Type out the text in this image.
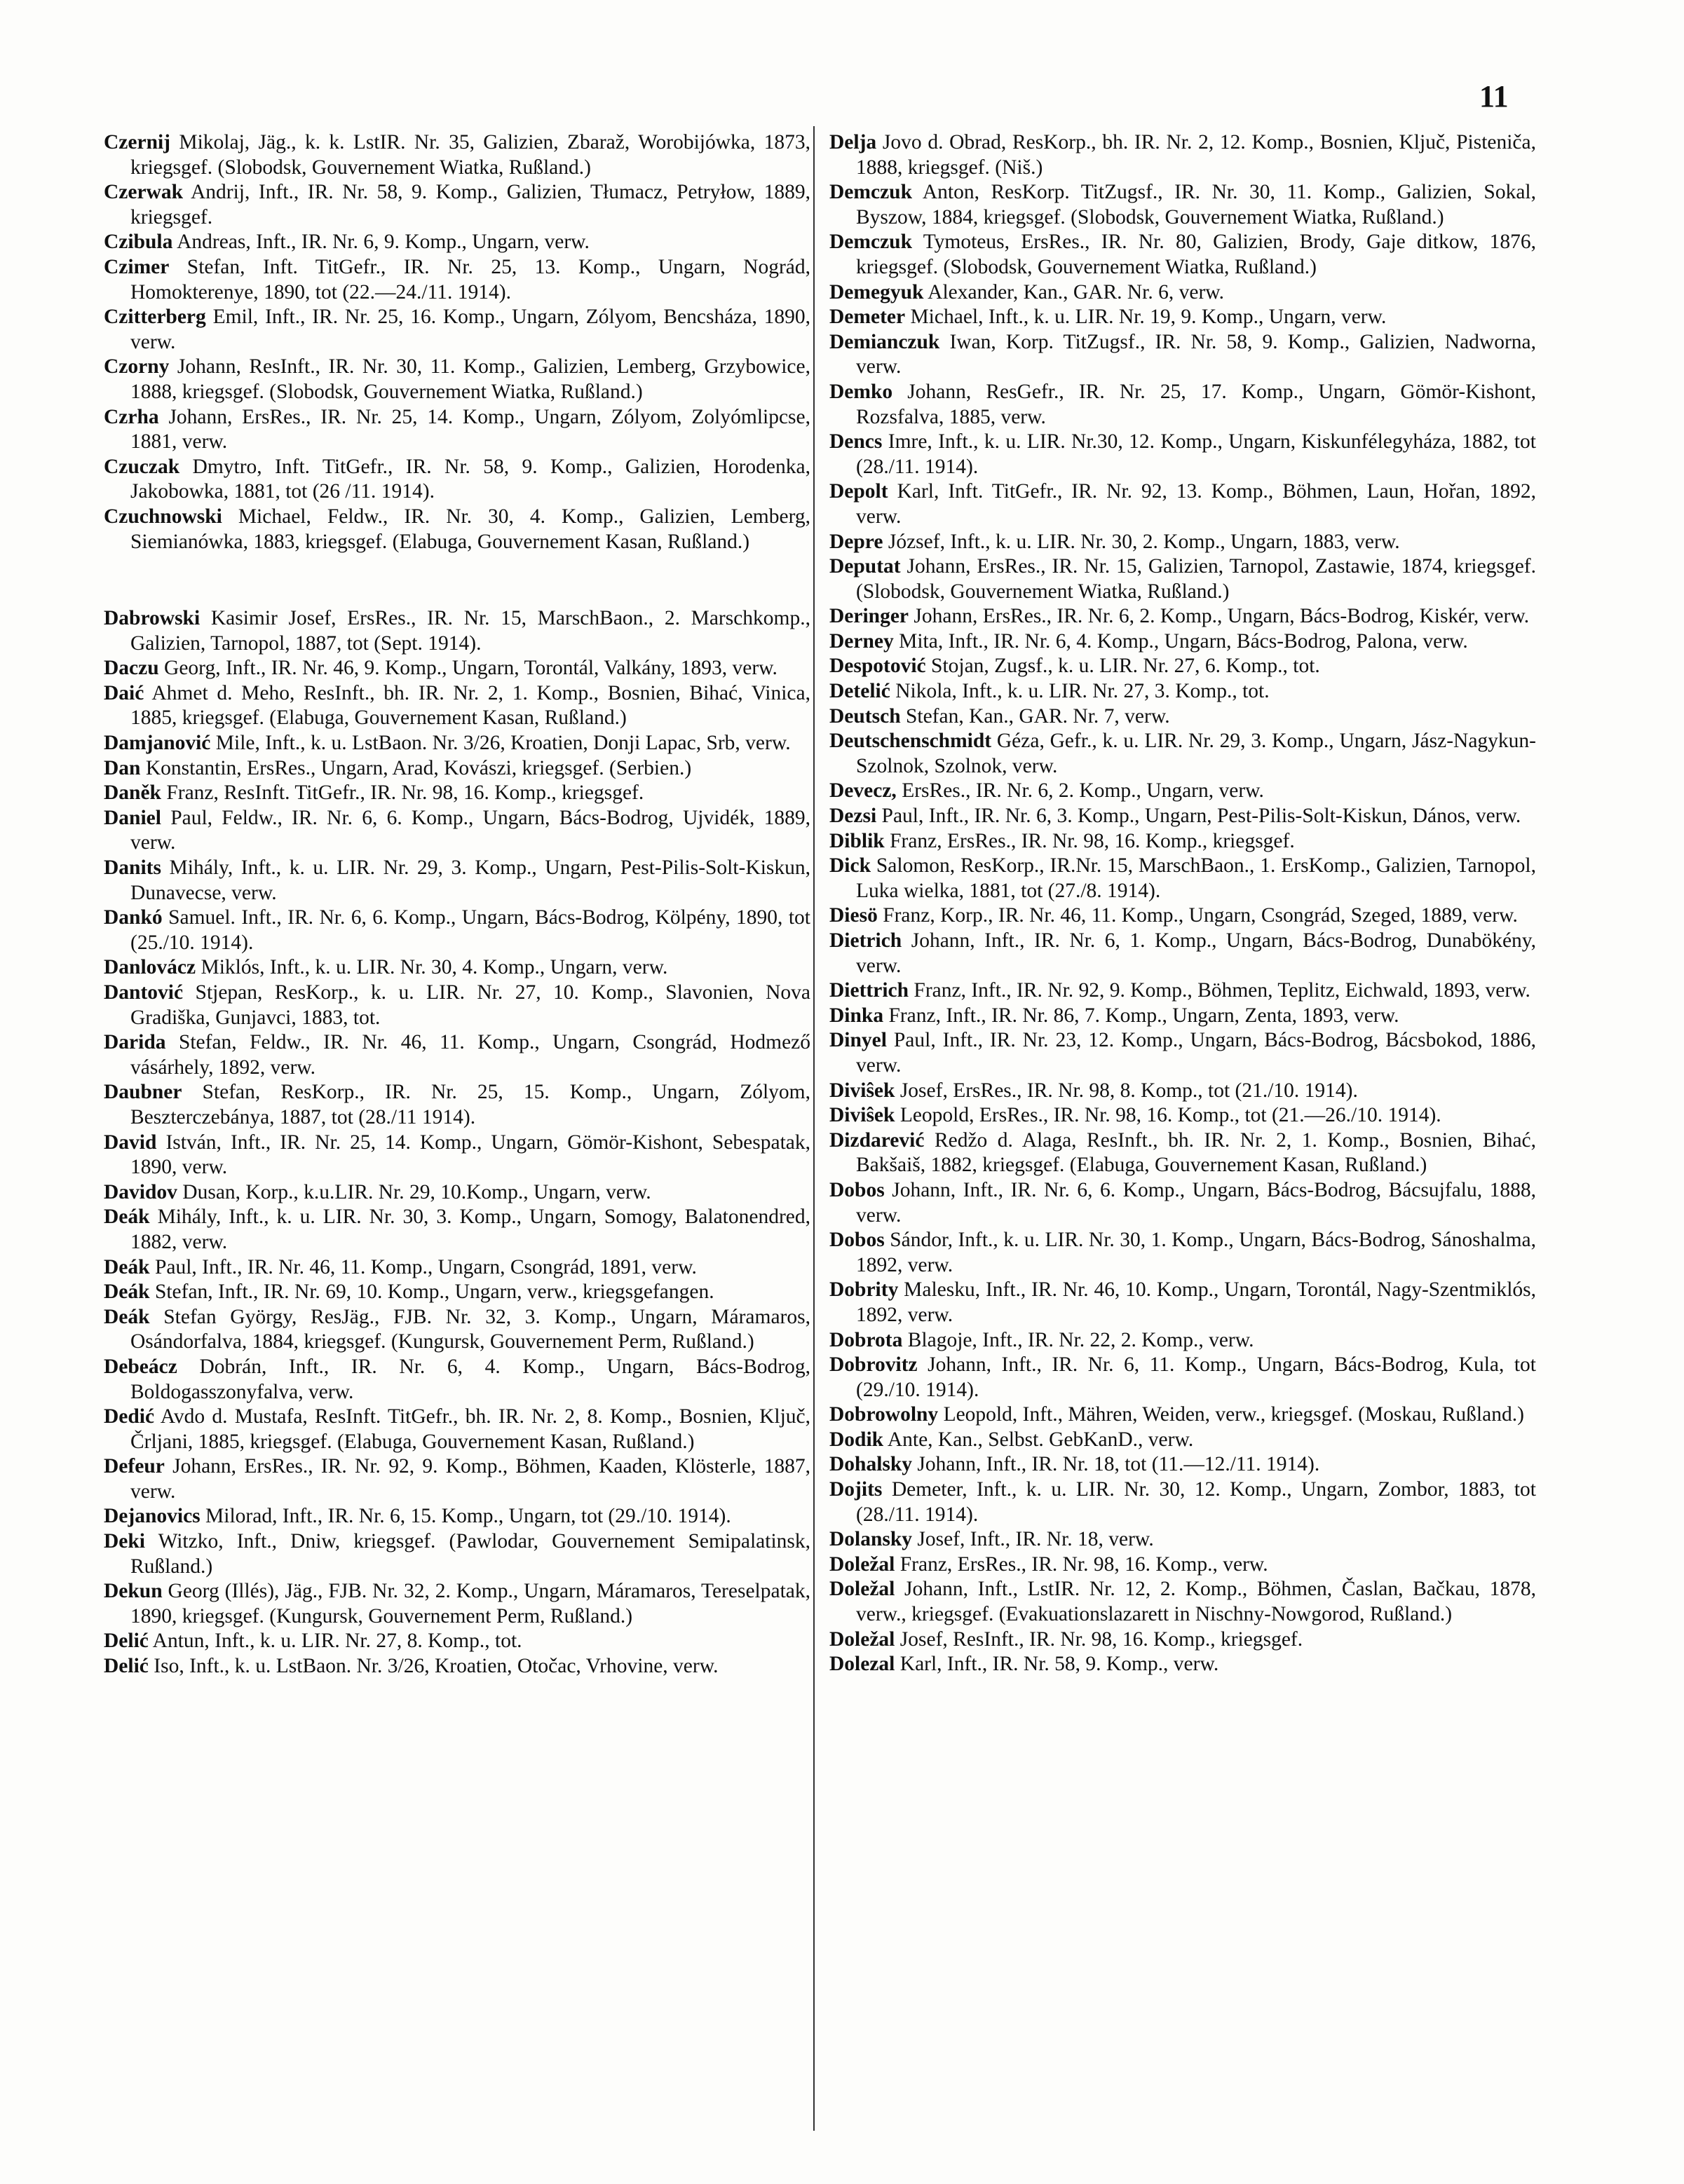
11

Czernij Mikolaj, Jäg., k. k. LstIR. Nr. 35, Galizien, Zbaraž, Worobijówka, 1873, kriegsgef. (Slobodsk, Gouvernement Wiatka, Rußland.)

Czerwak Andrij, Inft., IR. Nr. 58, 9. Komp., Galizien, Tłumacz, Petryłow, 1889, kriegsgef.

Czibula Andreas, Inft., IR. Nr. 6, 9. Komp., Ungarn, verw.

Czimer Stefan, Inft. TitGefr., IR. Nr. 25, 13. Komp., Ungarn, Nográd, Homokterenye, 1890, tot (22.—24./11. 1914).

Czitterberg Emil, Inft., IR. Nr. 25, 16. Komp., Ungarn, Zólyom, Bencsháza, 1890, verw.

Czorny Johann, ResInft., IR. Nr. 30, 11. Komp., Galizien, Lemberg, Grzybowice, 1888, kriegsgef. (Slobodsk, Gouvernement Wiatka, Rußland.)

Czrha Johann, ErsRes., IR. Nr. 25, 14. Komp., Ungarn, Zólyom, Zolyómlipcse, 1881, verw.

Czuczak Dmytro, Inft. TitGefr., IR. Nr. 58, 9. Komp., Galizien, Horodenka, Jakobowka, 1881, tot (26 /11. 1914).

Czuchnowski Michael, Feldw., IR. Nr. 30, 4. Komp., Galizien, Lemberg, Siemianówka, 1883, kriegsgef. (Elabuga, Gouvernement Kasan, Rußland.)

Dabrowski Kasimir Josef, ErsRes., IR. Nr. 15, MarschBaon., 2. Marschkomp., Galizien, Tarnopol, 1887, tot (Sept. 1914).

Daczu Georg, Inft., IR. Nr. 46, 9. Komp., Ungarn, Torontál, Valkány, 1893, verw.

Daić Ahmet d. Meho, ResInft., bh. IR. Nr. 2, 1. Komp., Bosnien, Bihać, Vinica, 1885, kriegsgef. (Elabuga, Gouvernement Kasan, Rußland.)

Damjanović Mile, Inft., k. u. LstBaon. Nr. 3/26, Kroatien, Donji Lapac, Srb, verw.

Dan Konstantin, ErsRes., Ungarn, Arad, Kovászi, kriegsgef. (Serbien.)

Daněk Franz, ResInft. TitGefr., IR. Nr. 98, 16. Komp., kriegsgef.

Daniel Paul, Feldw., IR. Nr. 6, 6. Komp., Ungarn, Bács-Bodrog, Ujvidék, 1889, verw.

Danits Mihály, Inft., k. u. LIR. Nr. 29, 3. Komp., Ungarn, Pest-Pilis-Solt-Kiskun, Dunavecse, verw.

Dankó Samuel. Inft., IR. Nr. 6, 6. Komp., Ungarn, Bács-Bodrog, Kölpény, 1890, tot (25./10. 1914).

Danlovácz Miklós, Inft., k. u. LIR. Nr. 30, 4. Komp., Ungarn, verw.

Dantović Stjepan, ResKorp., k. u. LIR. Nr. 27, 10. Komp., Slavonien, Nova Gradiška, Gunjavci, 1883, tot.

Darida Stefan, Feldw., IR. Nr. 46, 11. Komp., Ungarn, Csongrád, Hodmező vásárhely, 1892, verw.

Daubner Stefan, ResKorp., IR. Nr. 25, 15. Komp., Ungarn, Zólyom, Beszterczebánya, 1887, tot (28./11 1914).

David István, Inft., IR. Nr. 25, 14. Komp., Ungarn, Gömör-Kishont, Sebespatak, 1890, verw.

Davidov Dusan, Korp., k.u.LIR. Nr. 29, 10.Komp., Ungarn, verw.

Deák Mihály, Inft., k. u. LIR. Nr. 30, 3. Komp., Ungarn, Somogy, Balatonendred, 1882, verw.

Deák Paul, Inft., IR. Nr. 46, 11. Komp., Ungarn, Csongrád, 1891, verw.

Deák Stefan, Inft., IR. Nr. 69, 10. Komp., Ungarn, verw., kriegsgefangen.

Deák Stefan György, ResJäg., FJB. Nr. 32, 3. Komp., Ungarn, Máramaros, Osándorfalva, 1884, kriegsgef. (Kungursk, Gouvernement Perm, Rußland.)

Debeácz Dobrán, Inft., IR. Nr. 6, 4. Komp., Ungarn, Bács-Bodrog, Boldogasszonyfalva, verw.

Dedić Avdo d. Mustafa, ResInft. TitGefr., bh. IR. Nr. 2, 8. Komp., Bosnien, Ključ, Črljani, 1885, kriegsgef. (Elabuga, Gouvernement Kasan, Rußland.)

Defeur Johann, ErsRes., IR. Nr. 92, 9. Komp., Böhmen, Kaaden, Klösterle, 1887, verw.

Dejanovics Milorad, Inft., IR. Nr. 6, 15. Komp., Ungarn, tot (29./10. 1914).

Deki Witzko, Inft., Dniw, kriegsgef. (Pawlodar, Gouvernement Semipalatinsk, Rußland.)

Dekun Georg (Illés), Jäg., FJB. Nr. 32, 2. Komp., Ungarn, Máramaros, Tereselpatak, 1890, kriegsgef. (Kungursk, Gouvernement Perm, Rußland.)

Delić Antun, Inft., k. u. LIR. Nr. 27, 8. Komp., tot.

Delić Iso, Inft., k. u. LstBaon. Nr. 3/26, Kroatien, Otočac, Vrhovine, verw.

Delja Jovo d. Obrad, ResKorp., bh. IR. Nr. 2, 12. Komp., Bosnien, Ključ, Pisteniča, 1888, kriegsgef. (Niš.)

Demczuk Anton, ResKorp. TitZugsf., IR. Nr. 30, 11. Komp., Galizien, Sokal, Byszow, 1884, kriegsgef. (Slobodsk, Gouvernement Wiatka, Rußland.)

Demczuk Tymoteus, ErsRes., IR. Nr. 80, Galizien, Brody, Gaje ditkow, 1876, kriegsgef. (Slobodsk, Gouvernement Wiatka, Rußland.)

Demegyuk Alexander, Kan., GAR. Nr. 6, verw.

Demeter Michael, Inft., k. u. LIR. Nr. 19, 9. Komp., Ungarn, verw.

Demianczuk Iwan, Korp. TitZugsf., IR. Nr. 58, 9. Komp., Galizien, Nadworna, verw.

Demko Johann, ResGefr., IR. Nr. 25, 17. Komp., Ungarn, Gömör-Kishont, Rozsfalva, 1885, verw.

Dencs Imre, Inft., k. u. LIR. Nr.30, 12. Komp., Ungarn, Kiskunfélegyháza, 1882, tot (28./11. 1914).

Depolt Karl, Inft. TitGefr., IR. Nr. 92, 13. Komp., Böhmen, Laun, Hořan, 1892, verw.

Depre József, Inft., k. u. LIR. Nr. 30, 2. Komp., Ungarn, 1883, verw.

Deputat Johann, ErsRes., IR. Nr. 15, Galizien, Tarnopol, Zastawie, 1874, kriegsgef. (Slobodsk, Gouvernement Wiatka, Rußland.)

Deringer Johann, ErsRes., IR. Nr. 6, 2. Komp., Ungarn, Bács-Bodrog, Kiskér, verw.

Derney Mita, Inft., IR. Nr. 6, 4. Komp., Ungarn, Bács-Bodrog, Palona, verw.

Despotović Stojan, Zugsf., k. u. LIR. Nr. 27, 6. Komp., tot.

Detelić Nikola, Inft., k. u. LIR. Nr. 27, 3. Komp., tot.

Deutsch Stefan, Kan., GAR. Nr. 7, verw.

Deutschenschmidt Géza, Gefr., k. u. LIR. Nr. 29, 3. Komp., Ungarn, Jász-Nagykun-Szolnok, Szolnok, verw.

Devecz, ErsRes., IR. Nr. 6, 2. Komp., Ungarn, verw.

Dezsi Paul, Inft., IR. Nr. 6, 3. Komp., Ungarn, Pest-Pilis-Solt-Kiskun, Dános, verw.

Diblik Franz, ErsRes., IR. Nr. 98, 16. Komp., kriegsgef.

Dick Salomon, ResKorp., IR.Nr. 15, MarschBaon., 1. ErsKomp., Galizien, Tarnopol, Luka wielka, 1881, tot (27./8. 1914).

Diesö Franz, Korp., IR. Nr. 46, 11. Komp., Ungarn, Csongrád, Szeged, 1889, verw.

Dietrich Johann, Inft., IR. Nr. 6, 1. Komp., Ungarn, Bács-Bodrog, Dunabökény, verw.

Diettrich Franz, Inft., IR. Nr. 92, 9. Komp., Böhmen, Teplitz, Eichwald, 1893, verw.

Dinka Franz, Inft., IR. Nr. 86, 7. Komp., Ungarn, Zenta, 1893, verw.

Dinyel Paul, Inft., IR. Nr. 23, 12. Komp., Ungarn, Bács-Bodrog, Bácsbokod, 1886, verw.

Diviŝek Josef, ErsRes., IR. Nr. 98, 8. Komp., tot (21./10. 1914).

Diviŝek Leopold, ErsRes., IR. Nr. 98, 16. Komp., tot (21.—26./10. 1914).

Dizdarević Redžo d. Alaga, ResInft., bh. IR. Nr. 2, 1. Komp., Bosnien, Bihać, Bakšaiš, 1882, kriegsgef. (Elabuga, Gouvernement Kasan, Rußland.)

Dobos Johann, Inft., IR. Nr. 6, 6. Komp., Ungarn, Bács-Bodrog, Bácsujfalu, 1888, verw.

Dobos Sándor, Inft., k. u. LIR. Nr. 30, 1. Komp., Ungarn, Bács-Bodrog, Sánoshalma, 1892, verw.

Dobrity Malesku, Inft., IR. Nr. 46, 10. Komp., Ungarn, Torontál, Nagy-Szentmiklós, 1892, verw.

Dobrota Blagoje, Inft., IR. Nr. 22, 2. Komp., verw.

Dobrovitz Johann, Inft., IR. Nr. 6, 11. Komp., Ungarn, Bács-Bodrog, Kula, tot (29./10. 1914).

Dobrowolny Leopold, Inft., Mähren, Weiden, verw., kriegsgef. (Moskau, Rußland.)

Dodik Ante, Kan., Selbst. GebKanD., verw.

Dohalsky Johann, Inft., IR. Nr. 18, tot (11.—12./11. 1914).

Dojits Demeter, Inft., k. u. LIR. Nr. 30, 12. Komp., Ungarn, Zombor, 1883, tot (28./11. 1914).

Dolansky Josef, Inft., IR. Nr. 18, verw.

Doležal Franz, ErsRes., IR. Nr. 98, 16. Komp., verw.

Doležal Johann, Inft., LstIR. Nr. 12, 2. Komp., Böhmen, Časlan, Bačkau, 1878, verw., kriegsgef. (Evakuationslazarett in Nischny-Nowgorod, Rußland.)

Doležal Josef, ResInft., IR. Nr. 98, 16. Komp., kriegsgef.

Dolezal Karl, Inft., IR. Nr. 58, 9. Komp., verw.
